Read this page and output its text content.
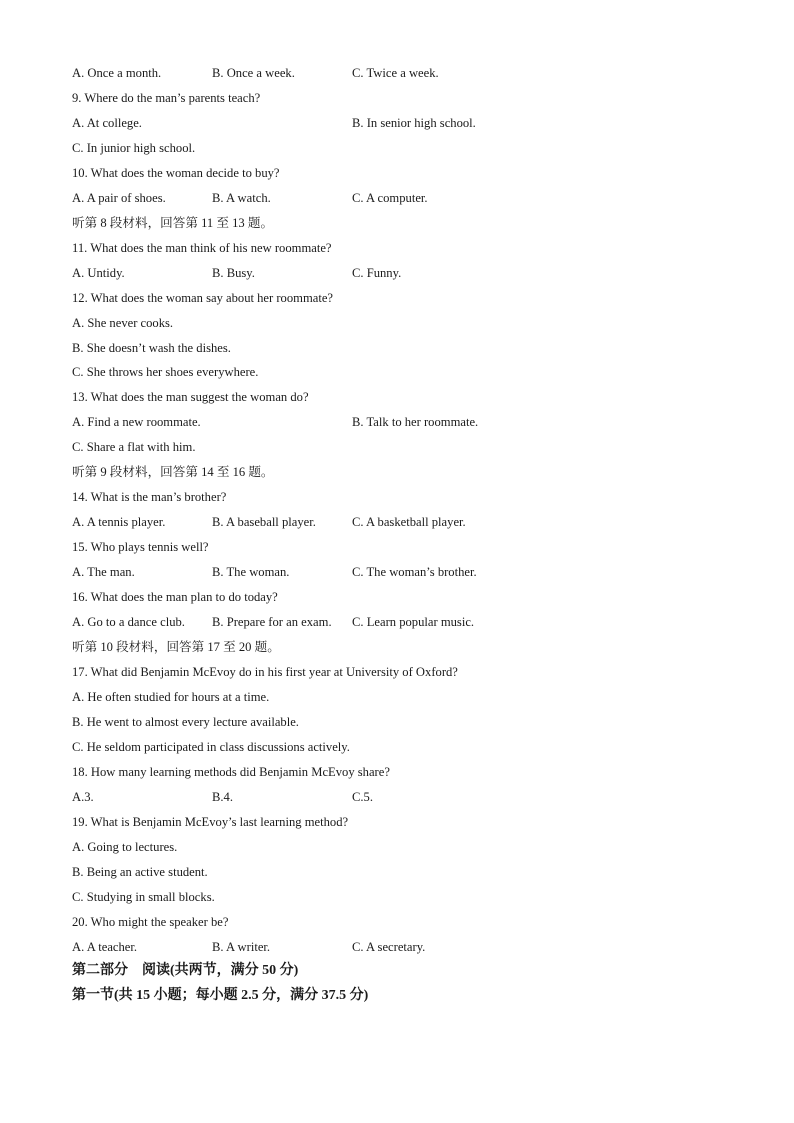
A. Once a month.	B. Once a week.	C. Twice a week.
9. Where do the man’s parents teach?
A. At college.	B. In senior high school.
C. In junior high school.
10. What does the woman decide to buy?
A. A pair of shoes.	B. A watch.	C. A computer.
听第 8 段材料，回答第 11 至 13 题。
11. What does the man think of his new roommate?
A. Untidy.	B. Busy.	C. Funny.
12. What does the woman say about her roommate?
A. She never cooks.
B. She doesn’t wash the dishes.
C. She throws her shoes everywhere.
13. What does the man suggest the woman do?
A. Find a new roommate.	B. Talk to her roommate.
C. Share a flat with him.
听第 9 段材料，回答第 14 至 16 题。
14. What is the man’s brother?
A. A tennis player.	B. A baseball player.	C. A basketball player.
15. Who plays tennis well?
A. The man.	B. The woman.	C. The woman’s brother.
16. What does the man plan to do today?
A. Go to a dance club. B. Prepare for an exam. C. Learn popular music.
听第 10 段材料，回答第 17 至 20 题。
17. What did Benjamin McEvoy do in his first year at University of Oxford?
A. He often studied for hours at a time.
B. He went to almost every lecture available.
C. He seldom participated in class discussions actively.
18. How many learning methods did Benjamin McEvoy share?
A.3.	B.4.	C.5.
19. What is Benjamin McEvoy’s last learning method?
A. Going to lectures.
B. Being an active student.
C. Studying in small blocks.
20. Who might the speaker be?
A. A teacher.	B. A writer.	C. A secretary.
第二部分　阅读(共两节，满分 50 分)
第一节(共 15 小题；每小题 2.5 分，满分 37.5 分)
